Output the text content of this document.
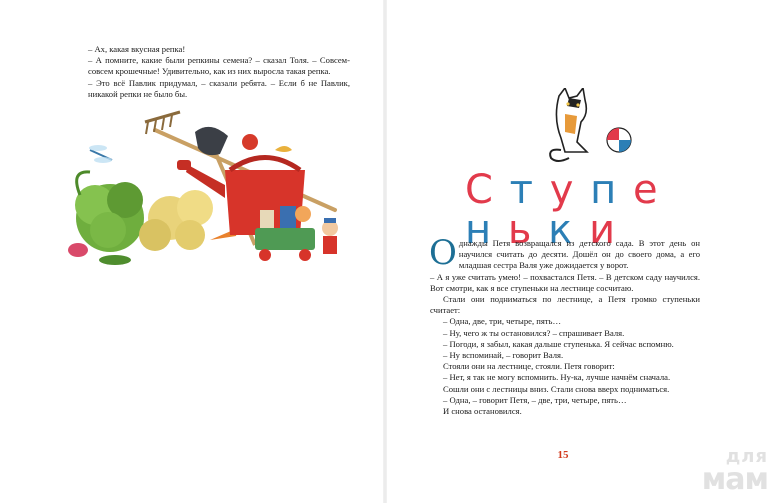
– Ах, какая вкусная репка!

– А помните, какие были репкины семена? – сказал Толя. – Совсем-совсем крошечные! Удивительно, как из них выросла такая репка.

– Это всё Павлик придумал, – сказали ребята. – Если б не Павлик, никакой репки не было бы.

С т у п е н ь к и

Однажды Петя возвращался из детского сада. В этот день он научился считать до десяти. Дошёл он до своего дома, а его младшая сестра Валя уже дожидается у ворот.

– А я уже считать умею! – похвастался Петя. – В детском саду научился. Вот смотри, как я все ступеньки на лестнице сосчитаю.

Стали они подниматься по лестнице, а Петя громко ступеньки считает:

– Одна, две, три, четыре, пять…

– Ну, чего ж ты остановился? – спрашивает Валя.

– Погоди, я забыл, какая дальше ступенька. Я сейчас вспомню.

– Ну вспоминай, – говорит Валя.

Стояли они на лестнице, стояли. Петя говорит:

– Нет, я так не могу вспомнить. Ну-ка, лучше начнём сначала.

Сошли они с лестницы вниз. Стали снова вверх подниматься.

– Одна, – говорит Петя, – две, три, четыре, пять…

И снова остановился.

15	для
мам
